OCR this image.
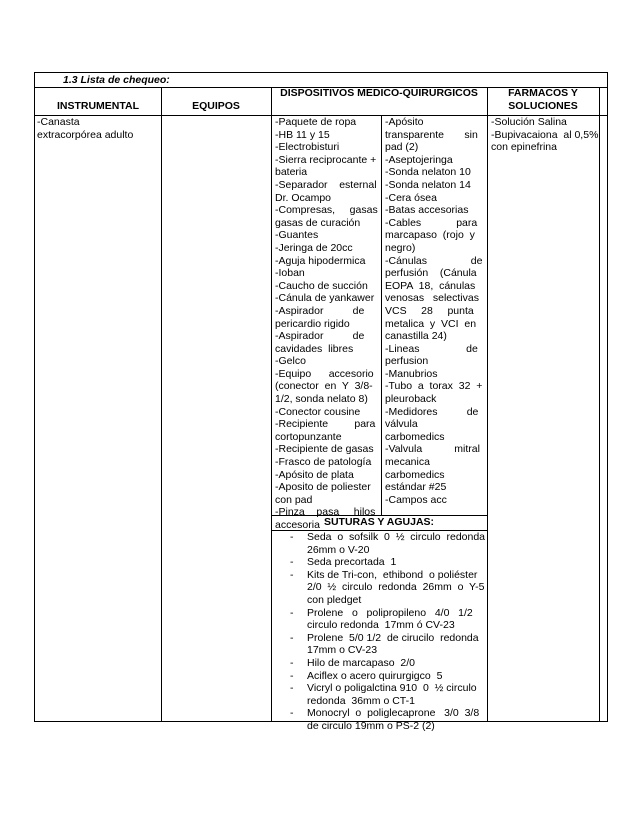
1.3 Lista de chequeo:
INSTRUMENTAL	EQUIPOS
DISPOSITIVOS MEDICO-QUIRURGICOS	FARMACOS Y
SOLUCIONES
-Canasta
extracorpórea adulto
-Paquete de ropa
-HB 11 y 15
-Electrobisturi
-Sierra reciprocante +
bateria
-Separador    esternal
Dr. Ocampo
-Compresas,     gasas
gasas de curación
-Guantes
-Jeringa de 20cc
-Aguja hipodermica
-Ioban
-Caucho de succión
-Cánula de yankawer
-Aspirador          de
pericardio rigido
-Aspirador          de
cavidades  libres
-Gelco
-Equipo      accesorio
(conector  en  Y  3/8-
1/2, sonda nelato 8)
-Conector cousine
-Recipiente         para
cortopunzante
-Recipiente de gasas
-Frasco de patología
-Apósito de plata
-Aposito de poliester
con pad
-Pinza    pasa     hilos
accesoria
-Apósito
transparente       sin
pad (2)
-Aseptojeringa
-Sonda nelaton 10
-Sonda nelaton 14
-Cera ósea
-Batas accesorias
-Cables            para
marcapaso  (rojo  y
negro)
-Cánulas               de
perfusión    (Cánula
EOPA  18,  cánulas
venosas   selectivas
VCS     28     punta
metalica  y  VCI  en
canastilla 24)
-Lineas                de
perfusion
-Manubrios
-Tubo  a  torax  32  +
pleuroback
-Medidores          de
válvula
carbomedics
-Valvula           mitral
mecanica
carbomedics
estándar #25
-Campos acc
-Solución Salina
-Bupivacaiona  al 0,5%
con epinefrina
SUTURAS Y AGUJAS:
- Seda  o  sofsilk  0  ½  circulo  redonda
26mm o V-20
- Seda precortada  1
- Kits de Tri-con,  ethibond  o poliéster
2/0  ½  circulo  redonda  26mm  o  Y-5
con pledget
- Prolene   o   polipropileno   4/0   1/2
circulo redonda  17mm ó CV-23
- Prolene  5/0 1/2  de cirucilo  redonda
17mm o CV-23
- Hilo de marcapaso  2/0
- Aciflex o acero quirurgigco  5
- Vicryl o poligalctina 910  0  ½ circulo
redonda  36mm o CT-1
- Monocryl  o  poliglecaprone   3/0  3/8
de circulo 19mm o PS-2 (2)
